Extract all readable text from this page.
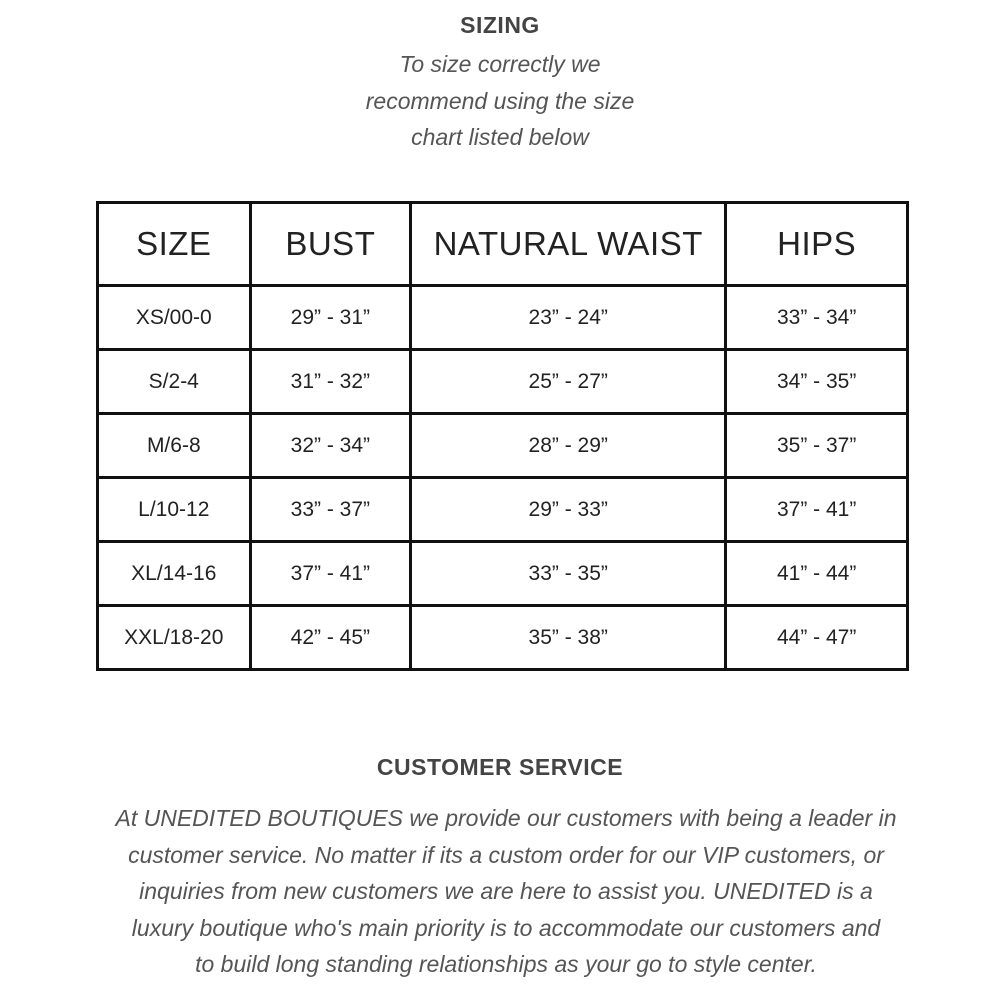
SIZING
To size correctly we
recommend using the size
chart listed below
SIZE	BUST	NATURAL WAIST	HIPS
XS/00-0	29” - 31”	23” - 24”	33” - 34”
S/2-4	31” - 32”	25” - 27”	34” - 35”
M/6-8	32” - 34”	28” - 29”	35” - 37”
L/10-12	33” - 37”	29” - 33”	37” - 41”
XL/14-16	37” - 41”	33” - 35”	41” - 44”
XXL/18-20	42” - 45”	35” - 38”	44” - 47”
CUSTOMER SERVICE
At UNEDITED BOUTIQUES we provide our customers with being a leader in
customer service. No matter if its a custom order for our VIP customers, or
inquiries from new customers we are here to assist you. UNEDITED is a
luxury boutique who's main priority is to accommodate our customers and
to build long standing relationships as your go to style center.
